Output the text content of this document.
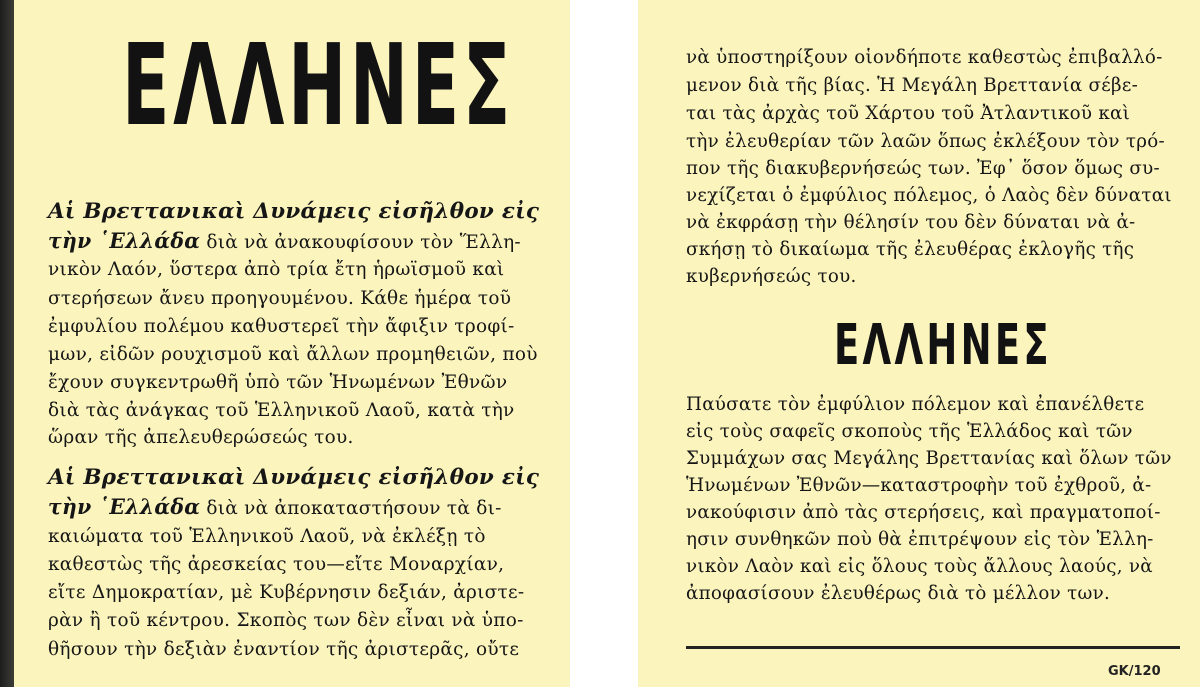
ΕΛΛΗΝΕΣ
Αἱ Βρεττανικαὶ Δυνάμεις εἰσῆλθον εἰς
τὴν ῾Ελλάδα διὰ νὰ ἀνακουφίσουν τὸν Ἕλλη-
νικὸν Λαόν, ὕστερα ἀπὸ τρία ἔτη ἡρωϊσμοῦ καὶ
στερήσεων ἄνευ προηγουμένου. Κάθε ἡμέρα τοῦ
ἐμφυλίου πολέμου καθυστερεῖ τὴν ἄφιξιν τροφί-
μων, εἰδῶν ρουχισμοῦ καὶ ἄλλων προμηθειῶν, ποὺ
ἔχουν συγκεντρωθῆ ὑπὸ τῶν Ἡνωμένων Ἐθνῶν
διὰ τὰς ἀνάγκας τοῦ Ἑλληνικοῦ Λαοῦ, κατὰ τὴν
ὥραν τῆς ἀπελευθερώσεώς του.
Αἱ Βρεττανικαὶ Δυνάμεις εἰσῆλθον εἰς
τὴν ῾Ελλάδα διὰ νὰ ἀποκαταστήσουν τὰ δι-
καιώματα τοῦ Ἑλληνικοῦ Λαοῦ, νὰ ἐκλέξῃ τὸ
καθεστὼς τῆς ἀρεσκείας του—εἴτε Μοναρχίαν,
εἴτε Δημοκρατίαν, μὲ Κυβέρνησιν δεξιάν, ἀριστε-
ρὰν ἢ τοῦ κέντρου. Σκοπὸς των δὲν εἶναι νὰ ὑπο-
θῆσουν τὴν δεξιὰν ἐναντίον τῆς ἀριστερᾶς, οὔτε
νὰ ὑποστηρίξουν οἱονδήποτε καθεστὼς ἐπιβαλλό-
μενον διὰ τῆς βίας. Ἡ Μεγάλη Βρεττανία σέβε-
ται τὰς ἀρχὰς τοῦ Χάρτου τοῦ Ἀτλαντικοῦ καὶ
τὴν ἐλευθερίαν τῶν λαῶν ὅπως ἐκλέξουν τὸν τρό-
πον τῆς διακυβερνήσεώς των. Ἐφ᾽ ὅσον ὅμως συ-
νεχίζεται ὁ ἐμφύλιος πόλεμος, ὁ Λαὸς δὲν δύναται
νὰ ἐκφράσῃ τὴν θέλησίν του δὲν δύναται νὰ ἀ-
σκήσῃ τὸ δικαίωμα τῆς ἐλευθέρας ἐκλογῆς τῆς
κυβερνήσεώς του.
ΕΛΛΗΝΕΣ
Παύσατε τὸν ἐμφύλιον πόλεμον καὶ ἐπανέλθετε
εἰς τοὺς σαφεῖς σκοποὺς τῆς Ἑλλάδος καὶ τῶν
Συμμάχων σας Μεγάλης Βρεττανίας καὶ ὅλων τῶν
Ἡνωμένων Ἐθνῶν—καταστροφὴν τοῦ ἐχθροῦ, ἀ-
νακούφισιν ἀπὸ τὰς στερήσεις, καὶ πραγματοποί-
ησιν συνθηκῶν ποὺ θὰ ἐπιτρέψουν εἰς τὸν Ἑλλη-
νικὸν Λαὸν καὶ εἰς ὅλους τοὺς ἄλλους λαούς, νὰ
ἀποφασίσουν ἐλευθέρως διὰ τὸ μέλλον των.
GK/120
